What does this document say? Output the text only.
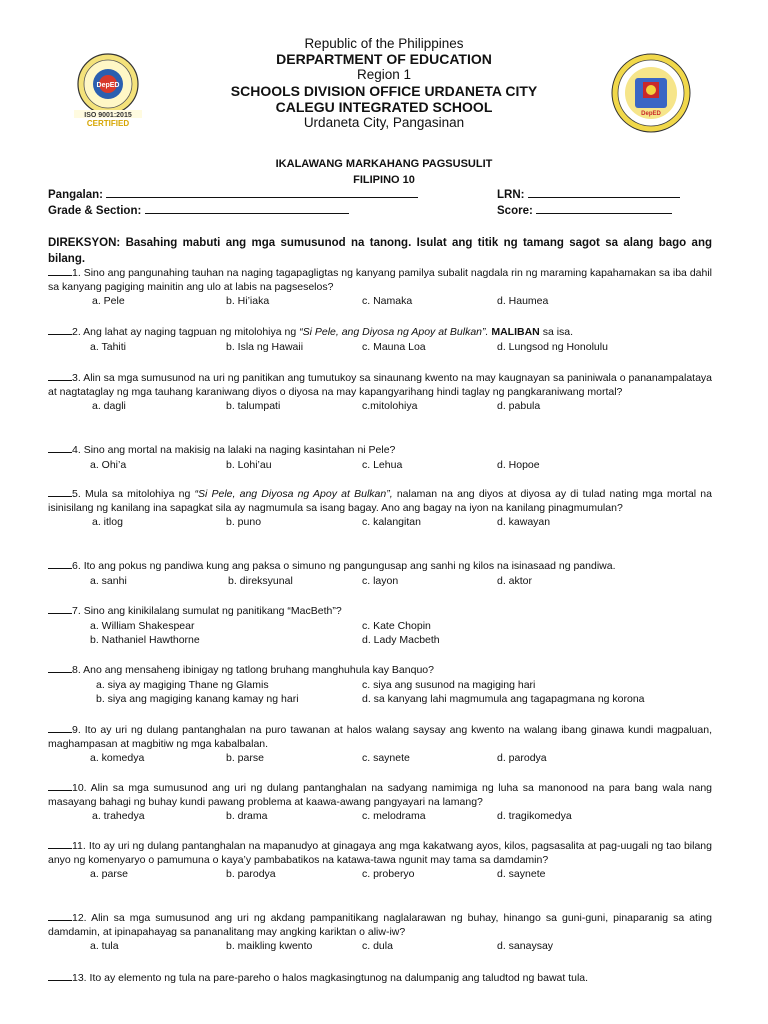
Republic of the Philippines
DERPARTMENT OF EDUCATION
Region 1
SCHOOLS DIVISION OFFICE URDANETA CITY
CALEGU INTEGRATED SCHOOL
Urdaneta City, Pangasinan
DepED
ISO 9001:2015
CERTIFIED
DepED
IKALAWANG MARKAHANG PAGSUSULIT
FILIPINO 10
Pangalan:	LRN:
Grade & Section:	Score:
DIREKSYON: Basahing mabuti ang mga sumusunod na tanong. Isulat ang titik ng tamang sagot sa alang bago ang bilang.
1. Sino ang pangunahing tauhan na naging tagapagligtas ng kanyang pamilya subalit nagdala rin ng maraming kapahamakan sa iba dahil sa kanyang pagiging mainitin ang ulo at labis na pagseselos?
a. Pele	b. Hi’iaka	c. Namaka	d. Haumea
2. Ang lahat ay naging tagpuan ng mitolohiya ng “Si Pele, ang Diyosa ng Apoy at Bulkan”. MALIBAN sa isa.
a. Tahiti	b. Isla ng Hawaii	c. Mauna Loa	d. Lungsod ng Honolulu
3. Alin sa mga sumusunod na uri ng panitikan ang tumutukoy sa sinaunang kwento na may kaugnayan sa paniniwala o pananampalataya at nagtataglay ng mga tauhang karaniwang diyos o diyosa na may kapangyarihang hindi taglay ng pangkaraniwang mortal?
a. dagli	b. talumpati	c.mitolohiya	d. pabula
4. Sino ang mortal na makisig na lalaki na naging kasintahan ni Pele?
a. Ohi’a	b. Lohi’au	c. Lehua	d. Hopoe
5. Mula sa mitolohiya ng “Si Pele, ang Diyosa ng Apoy at Bulkan”, nalaman na ang diyos at diyosa ay di tulad nating mga mortal na isinisilang ng kanilang ina sapagkat sila ay nagmumula sa isang bagay. Ano ang bagay na iyon na kanilang pinagmumulan?
a. itlog	b. puno	c. kalangitan	d. kawayan
6. Ito ang pokus ng pandiwa kung ang paksa o simuno ng pangungusap ang sanhi ng kilos na isinasaad ng pandiwa.
a. sanhi	b. direksyunal	c. layon	d. aktor
7. Sino ang kinikilalang sumulat ng panitikang “MacBeth”?
a. William Shakespear	c. Kate Chopin
b. Nathaniel Hawthorne	d. Lady Macbeth
8. Ano ang mensaheng ibinigay ng tatlong bruhang manghuhula kay Banquo?
a. siya ay magiging Thane ng Glamis	c. siya ang susunod na magiging hari
b. siya ang magiging kanang kamay ng hari	d. sa kanyang lahi magmumula ang tagapagmana ng korona
9. Ito ay uri ng dulang pantanghalan na puro tawanan at halos walang saysay ang kwento na walang ibang ginawa kundi magpaluan, maghampasan at magbitiw ng mga kabalbalan.
a. komedya	b. parse	c. saynete	d. parodya
10. Alin sa mga sumusunod ang uri ng dulang pantanghalan na sadyang namimiga ng luha sa manonood na para bang wala nang masayang bahagi ng buhay kundi pawang problema at kaawa-awang pangyayari na lamang?
a. trahedya	b. drama	c. melodrama	d. tragikomedya
11. Ito ay uri ng dulang pantanghalan na mapanudyo at ginagaya ang mga kakatwang ayos, kilos, pagsasalita at pag-uugali ng tao bilang anyo ng komenyaryo o pamumuna o kaya’y pambabatikos na katawa-tawa ngunit may tama sa damdamin?
a. parse	b. parodya	c. proberyo	d. saynete
12. Alin sa mga sumusunod ang uri ng akdang pampanitikang naglalarawan ng buhay, hinango sa guni-guni, pinaparanig sa ating damdamin, at ipinapahayag sa pananalitang may angking kariktan o aliw-iw?
a. tula	b. maikling kwento	c. dula	d. sanaysay
13. Ito ay elemento ng tula na pare-pareho o halos magkasingtunog na dalumpanig ang taludtod ng bawat tula.
